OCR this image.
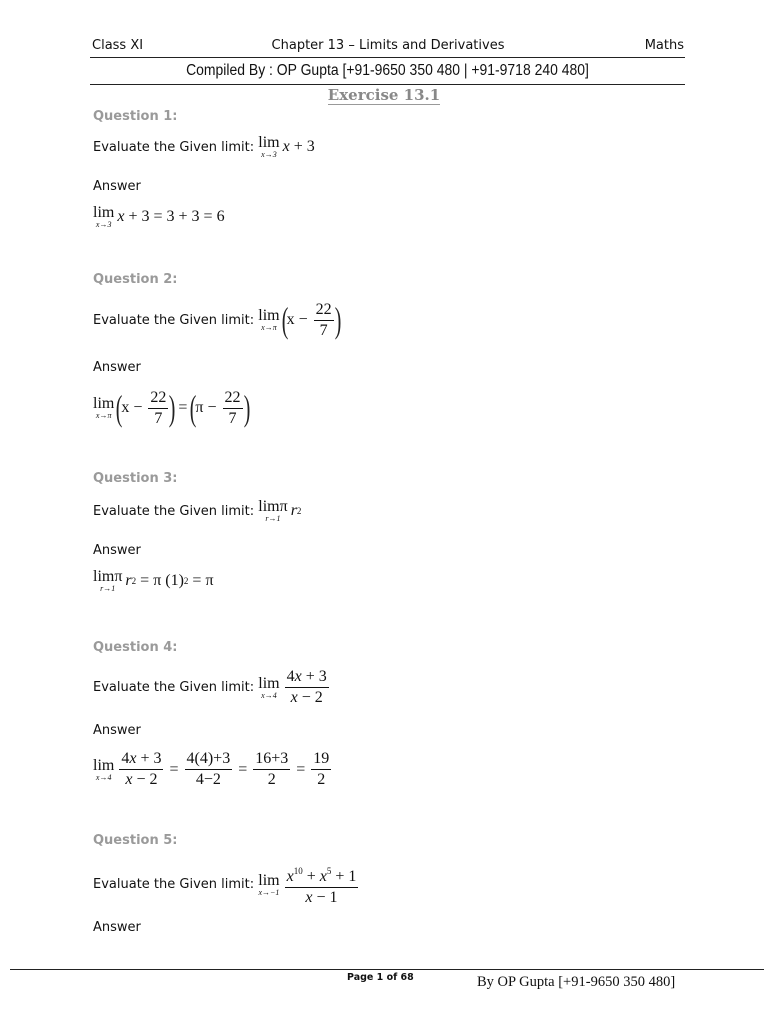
Class XI	Chapter 13 – Limits and Derivatives	Maths
Compiled By : OP Gupta [+91-9650 350 480 | +91-9718 240 480]
Exercise 13.1
Question 1:
Evaluate the Given limit:
lim
x→3 x + 3
Answer
lim
x→3 x + 3 = 3 + 3 = 6
Question 2:
Evaluate the Given limit:
lim
x→π (
$x - \frac{22}{7}$ )
Answer
lim
x→π (
$x - \frac{22}{7}$ ) = (
$\pi - \frac{22}{7}$ )
Question 3:
Evaluate the Given limit:
limπ
r→1 r 2
Answer
limπ
r→1 r 2 = π (1) 2 = π
Question 4:
Evaluate the Given limit:
lim
$x\to 4 \frac{4x + 3}{x - 2}$
Answer
lim
$x\to 4 \frac{4x + 3}{x - 2} = \frac{4(4)+3}{4-2} = \frac{16+3}{2} = \frac{19}{2}$
Question 5:
Evaluate the Given limit:
lim
$x\to-1 \frac{x^{10} + x^5 + 1}{x - 1}$
Answer
Page 1 of 68	By OP Gupta [+91-9650 350 480]
